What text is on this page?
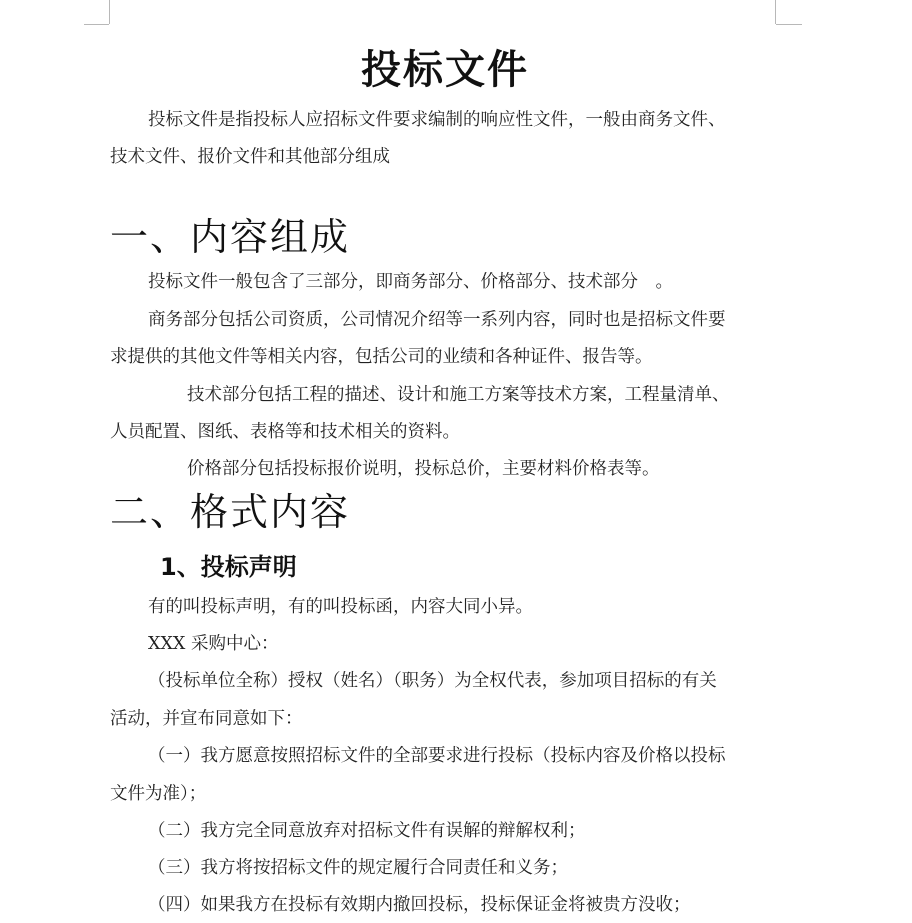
投标文件
投标文件是指投标人应招标文件要求编制的响应性文件，一般由商务文件、
技术文件、报价文件和其他部分组成
一、内容组成
投标文件一般包含了三部分，即商务部分、价格部分、技术部分　。
商务部分包括公司资质，公司情况介绍等一系列内容，同时也是招标文件要
求提供的其他文件等相关内容，包括公司的业绩和各种证件、报告等。
技术部分包括工程的描述、设计和施工方案等技术方案，工程量清单、
人员配置、图纸、表格等和技术相关的资料。
价格部分包括投标报价说明，投标总价，主要材料价格表等。
二、格式内容
1、投标声明
有的叫投标声明，有的叫投标函，内容大同小异。
XXX 采购中心：
（投标单位全称）授权（姓名）（职务）为全权代表，参加项目招标的有关
活动，并宣布同意如下：
（一）我方愿意按照招标文件的全部要求进行投标（投标内容及价格以投标
文件为准）；
（二）我方完全同意放弃对招标文件有误解的辩解权利；
（三）我方将按招标文件的规定履行合同责任和义务；
（四）如果我方在投标有效期内撤回投标，投标保证金将被贵方没收；
